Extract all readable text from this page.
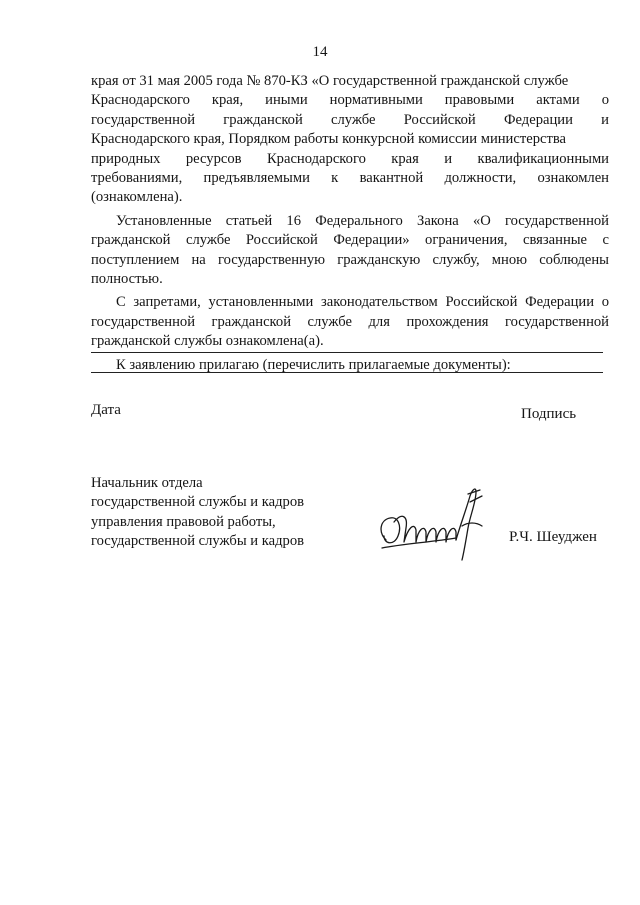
14

края от 31 мая 2005 года № 870-КЗ «О государственной гражданской службе
Краснодарского края, иными нормативными правовыми актами о
государственной гражданской службе Российской Федерации и
Краснодарского края, Порядком работы конкурсной комиссии министерства
природных ресурсов Краснодарского края и квалификационными
требованиями, предъявляемыми к вакантной должности, ознакомлен
(ознакомлена).

Установленные статьей 16 Федерального Закона «О государственной гражданской службе Российской Федерации» ограничения, связанные с поступлением на государственную гражданскую службу, мною соблюдены полностью.

С запретами, установленными законодательством Российской Федерации о государственной гражданской службе для прохождения государственной гражданской службы ознакомлена(а).

К заявлению прилагаю (перечислить прилагаемые документы):

Дата	Подпись
Начальник отдела
государственной службы и кадров
управления правовой работы,
государственной службы и кадров	Р.Ч. Шеуджен
